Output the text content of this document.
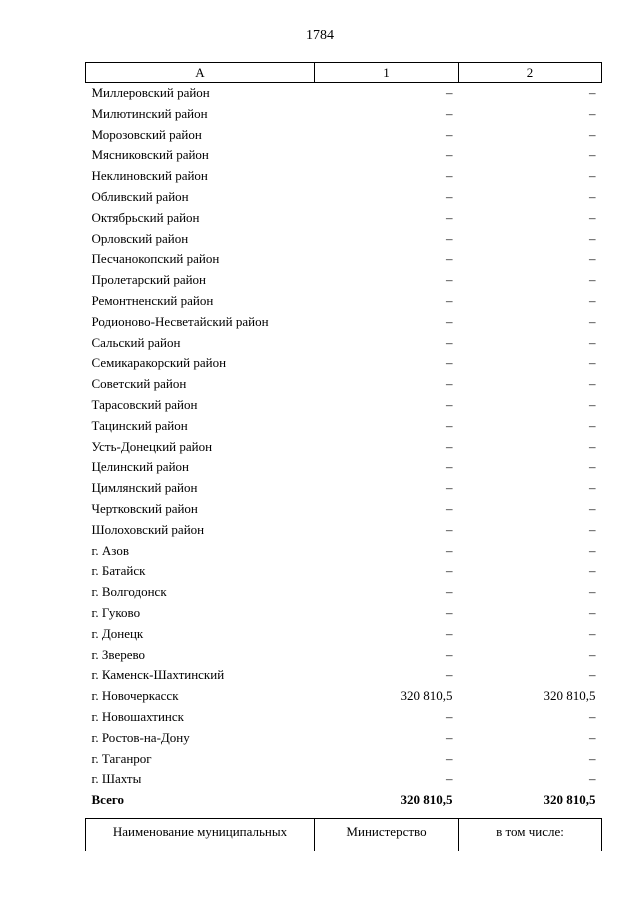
1784
А	1	2
Миллеровский район	–	–
Милютинский район	–	–
Морозовский район	–	–
Мясниковский район	–	–
Неклиновский район	–	–
Обливский район	–	–
Октябрьский район	–	–
Орловский район	–	–
Песчанокопский район	–	–
Пролетарский район	–	–
Ремонтненский район	–	–
Родионово-Несветайский район	–	–
Сальский район	–	–
Семикаракорский район	–	–
Советский район	–	–
Тарасовский район	–	–
Тацинский район	–	–
Усть-Донецкий район	–	–
Целинский район	–	–
Цимлянский район	–	–
Чертковский район	–	–
Шолоховский район	–	–
г. Азов	–	–
г. Батайск	–	–
г. Волгодонск	–	–
г. Гуково	–	–
г. Донецк	–	–
г. Зверево	–	–
г. Каменск-Шахтинский	–	–
г. Новочеркасск	320 810,5	320 810,5
г. Новошахтинск	–	–
г. Ростов-на-Дону	–	–
г. Таганрог	–	–
г. Шахты	–	–
Всего	320 810,5	320 810,5
Наименование муниципальных	Министерство	в том числе:
